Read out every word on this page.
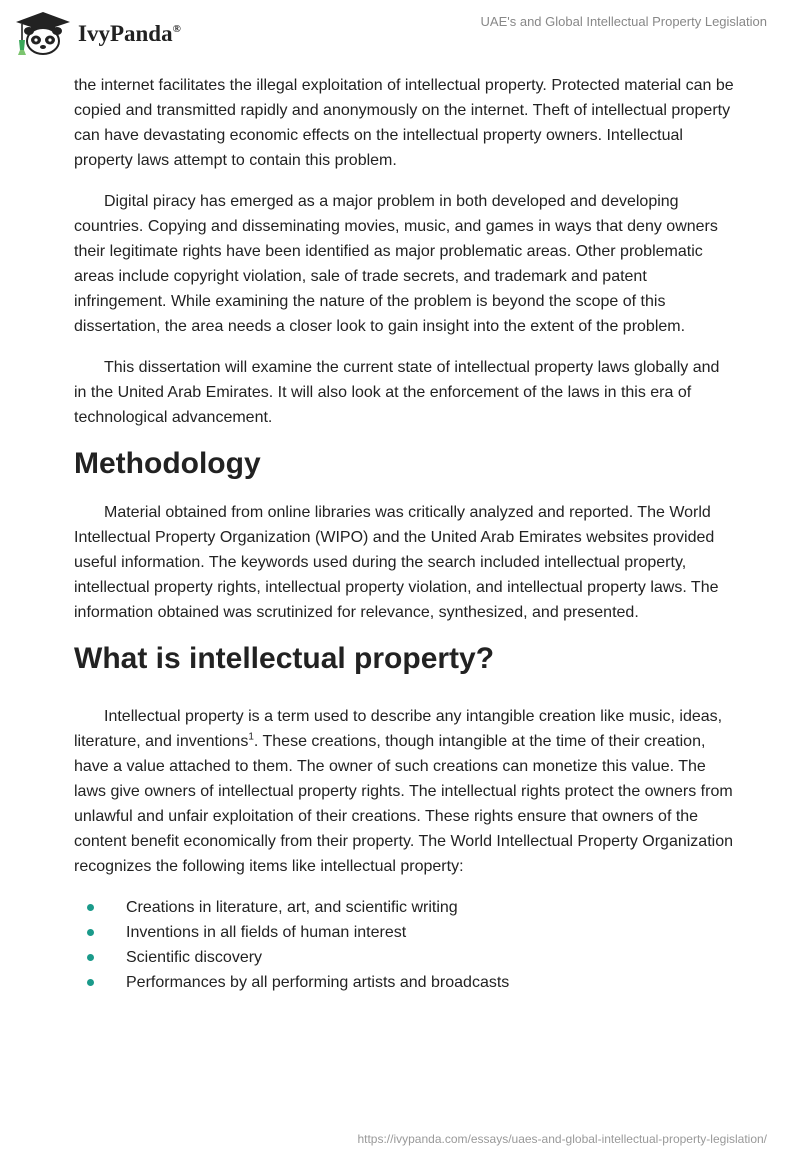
IvyPanda®	UAE's and Global Intellectual Property Legislation

the internet facilitates the illegal exploitation of intellectual property. Protected material can be copied and transmitted rapidly and anonymously on the internet. Theft of intellectual property can have devastating economic effects on the intellectual property owners. Intellectual property laws attempt to contain this problem.

Digital piracy has emerged as a major problem in both developed and developing countries. Copying and disseminating movies, music, and games in ways that deny owners their legitimate rights have been identified as major problematic areas. Other problematic areas include copyright violation, sale of trade secrets, and trademark and patent infringement. While examining the nature of the problem is beyond the scope of this dissertation, the area needs a closer look to gain insight into the extent of the problem.

This dissertation will examine the current state of intellectual property laws globally and in the United Arab Emirates. It will also look at the enforcement of the laws in this era of technological advancement.

Methodology

Material obtained from online libraries was critically analyzed and reported. The World Intellectual Property Organization (WIPO) and the United Arab Emirates websites provided useful information. The keywords used during the search included intellectual property, intellectual property rights, intellectual property violation, and intellectual property laws. The information obtained was scrutinized for relevance, synthesized, and presented.

What is intellectual property?

Intellectual property is a term used to describe any intangible creation like music, ideas, literature, and inventions$^1$. These creations, though intangible at the time of their creation, have a value attached to them. The owner of such creations can monetize this value. The laws give owners of intellectual property rights. The intellectual rights protect the owners from unlawful and unfair exploitation of their creations. These rights ensure that owners of the content benefit economically from their property. The World Intellectual Property Organization recognizes the following items like intellectual property:

Creations in literature, art, and scientific writing
Inventions in all fields of human interest
Scientific discovery
Performances by all performing artists and broadcasts
https://ivypanda.com/essays/uaes-and-global-intellectual-property-legislation/
